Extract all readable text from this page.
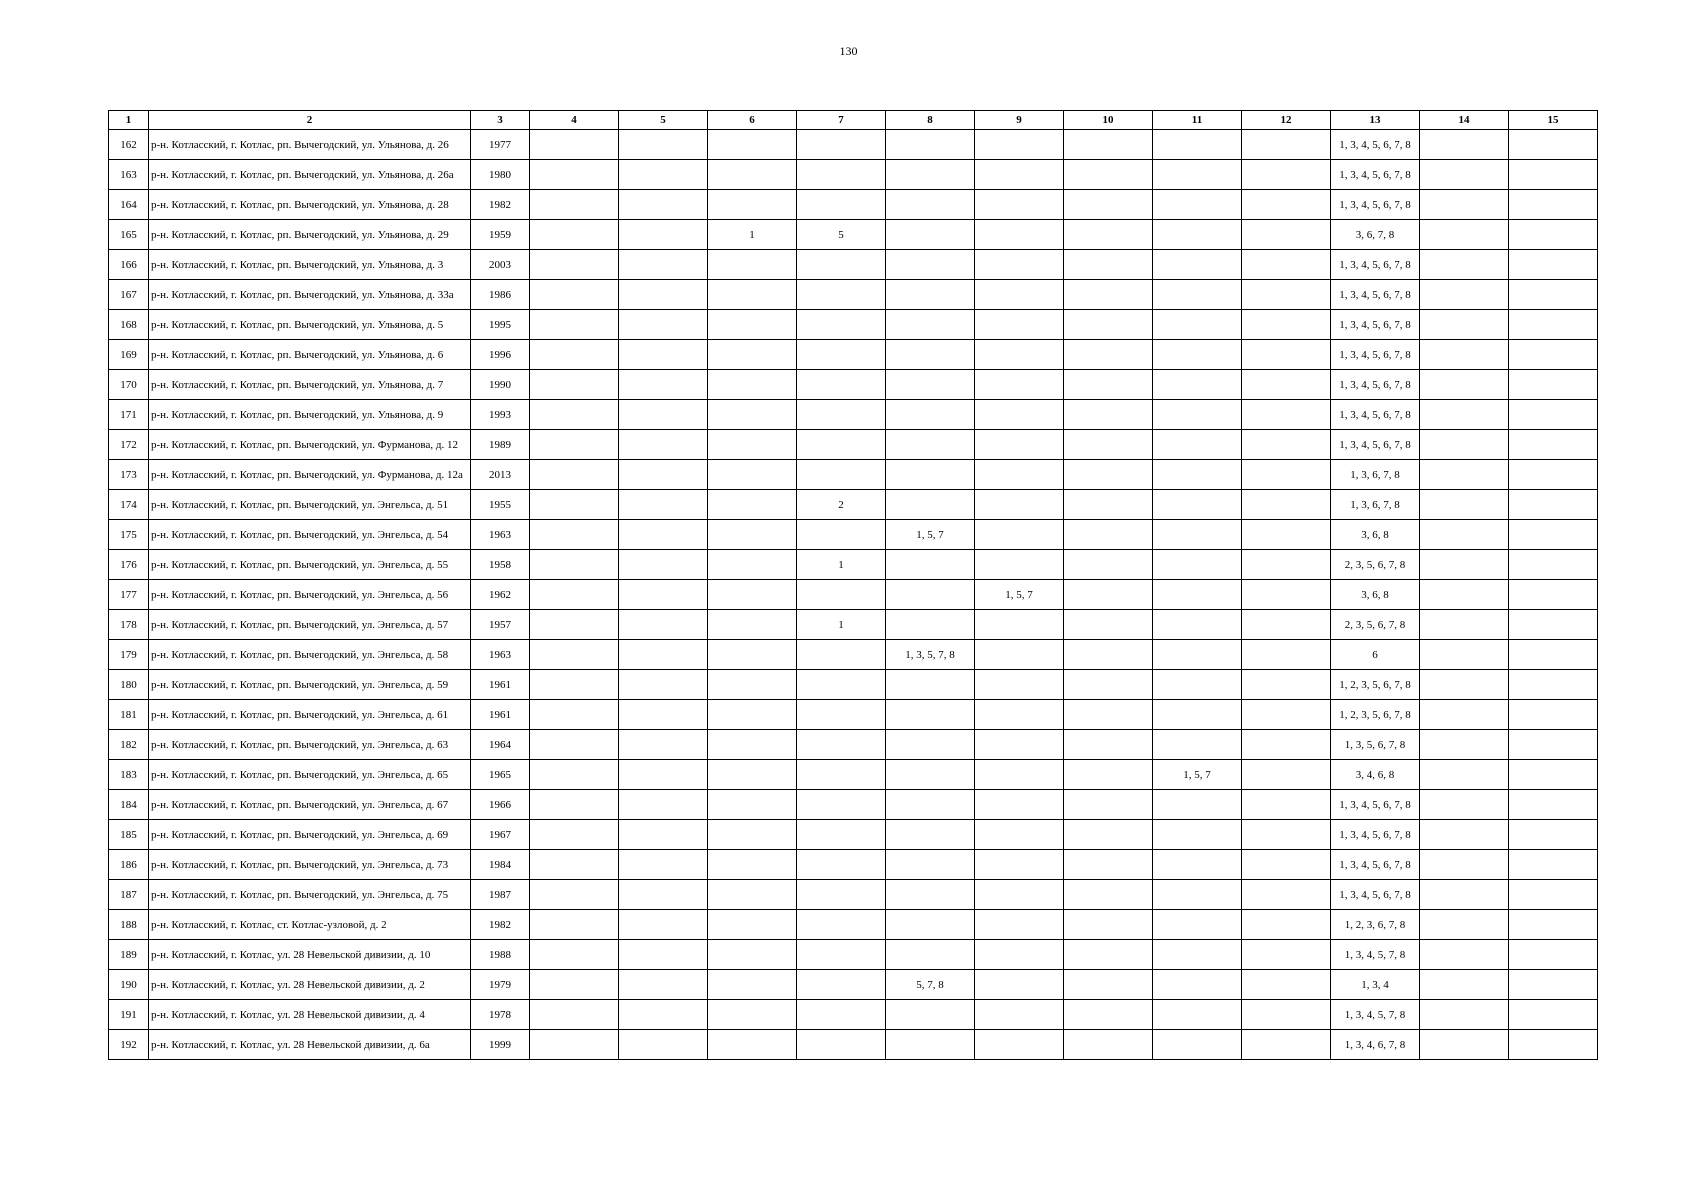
130
1	2	3	4	5	6	7	8	9	10	11	12	13	14	15
162	р-н. Котласский, г. Котлас, рп. Вычегодский, ул. Ульянова, д. 26	1977										1, 3, 4, 5, 6, 7, 8		
163	р-н. Котласский, г. Котлас, рп. Вычегодский, ул. Ульянова, д. 26а	1980										1, 3, 4, 5, 6, 7, 8		
164	р-н. Котласский, г. Котлас, рп. Вычегодский, ул. Ульянова, д. 28	1982										1, 3, 4, 5, 6, 7, 8		
165	р-н. Котласский, г. Котлас, рп. Вычегодский, ул. Ульянова, д. 29	1959			1	5						3, 6, 7, 8		
166	р-н. Котласский, г. Котлас, рп. Вычегодский, ул. Ульянова, д. 3	2003										1, 3, 4, 5, 6, 7, 8		
167	р-н. Котласский, г. Котлас, рп. Вычегодский, ул. Ульянова, д. 33а	1986										1, 3, 4, 5, 6, 7, 8		
168	р-н. Котласский, г. Котлас, рп. Вычегодский, ул. Ульянова, д. 5	1995										1, 3, 4, 5, 6, 7, 8		
169	р-н. Котласский, г. Котлас, рп. Вычегодский, ул. Ульянова, д. 6	1996										1, 3, 4, 5, 6, 7, 8		
170	р-н. Котласский, г. Котлас, рп. Вычегодский, ул. Ульянова, д. 7	1990										1, 3, 4, 5, 6, 7, 8		
171	р-н. Котласский, г. Котлас, рп. Вычегодский, ул. Ульянова, д. 9	1993										1, 3, 4, 5, 6, 7, 8		
172	р-н. Котласский, г. Котлас, рп. Вычегодский, ул. Фурманова, д. 12	1989										1, 3, 4, 5, 6, 7, 8		
173	р-н. Котласский, г. Котлас, рп. Вычегодский, ул. Фурманова, д. 12а	2013										1, 3, 6, 7, 8		
174	р-н. Котласский, г. Котлас, рп. Вычегодский, ул. Энгельса, д. 51	1955				2						1, 3, 6, 7, 8		
175	р-н. Котласский, г. Котлас, рп. Вычегодский, ул. Энгельса, д. 54	1963					1, 5, 7					3, 6, 8		
176	р-н. Котласский, г. Котлас, рп. Вычегодский, ул. Энгельса, д. 55	1958				1						2, 3, 5, 6, 7, 8		
177	р-н. Котласский, г. Котлас, рп. Вычегодский, ул. Энгельса, д. 56	1962						1, 5, 7				3, 6, 8		
178	р-н. Котласский, г. Котлас, рп. Вычегодский, ул. Энгельса, д. 57	1957				1						2, 3, 5, 6, 7, 8		
179	р-н. Котласский, г. Котлас, рп. Вычегодский, ул. Энгельса, д. 58	1963					1, 3, 5, 7, 8					6		
180	р-н. Котласский, г. Котлас, рп. Вычегодский, ул. Энгельса, д. 59	1961										1, 2, 3, 5, 6, 7, 8		
181	р-н. Котласский, г. Котлас, рп. Вычегодский, ул. Энгельса, д. 61	1961										1, 2, 3, 5, 6, 7, 8		
182	р-н. Котласский, г. Котлас, рп. Вычегодский, ул. Энгельса, д. 63	1964										1, 3, 5, 6, 7, 8		
183	р-н. Котласский, г. Котлас, рп. Вычегодский, ул. Энгельса, д. 65	1965								1, 5, 7		3, 4, 6, 8		
184	р-н. Котласский, г. Котлас, рп. Вычегодский, ул. Энгельса, д. 67	1966										1, 3, 4, 5, 6, 7, 8		
185	р-н. Котласский, г. Котлас, рп. Вычегодский, ул. Энгельса, д. 69	1967										1, 3, 4, 5, 6, 7, 8		
186	р-н. Котласский, г. Котлас, рп. Вычегодский, ул. Энгельса, д. 73	1984										1, 3, 4, 5, 6, 7, 8		
187	р-н. Котласский, г. Котлас, рп. Вычегодский, ул. Энгельса, д. 75	1987										1, 3, 4, 5, 6, 7, 8		
188	р-н. Котласский, г. Котлас, ст. Котлас-узловой, д. 2	1982										1, 2, 3, 6, 7, 8		
189	р-н. Котласский, г. Котлас, ул. 28 Невельской дивизии, д. 10	1988										1, 3, 4, 5, 7, 8		
190	р-н. Котласский, г. Котлас, ул. 28 Невельской дивизии, д. 2	1979					5, 7, 8					1, 3, 4		
191	р-н. Котласский, г. Котлас, ул. 28 Невельской дивизии, д. 4	1978										1, 3, 4, 5, 7, 8		
192	р-н. Котласский, г. Котлас, ул. 28 Невельской дивизии, д. 6а	1999										1, 3, 4, 6, 7, 8		
